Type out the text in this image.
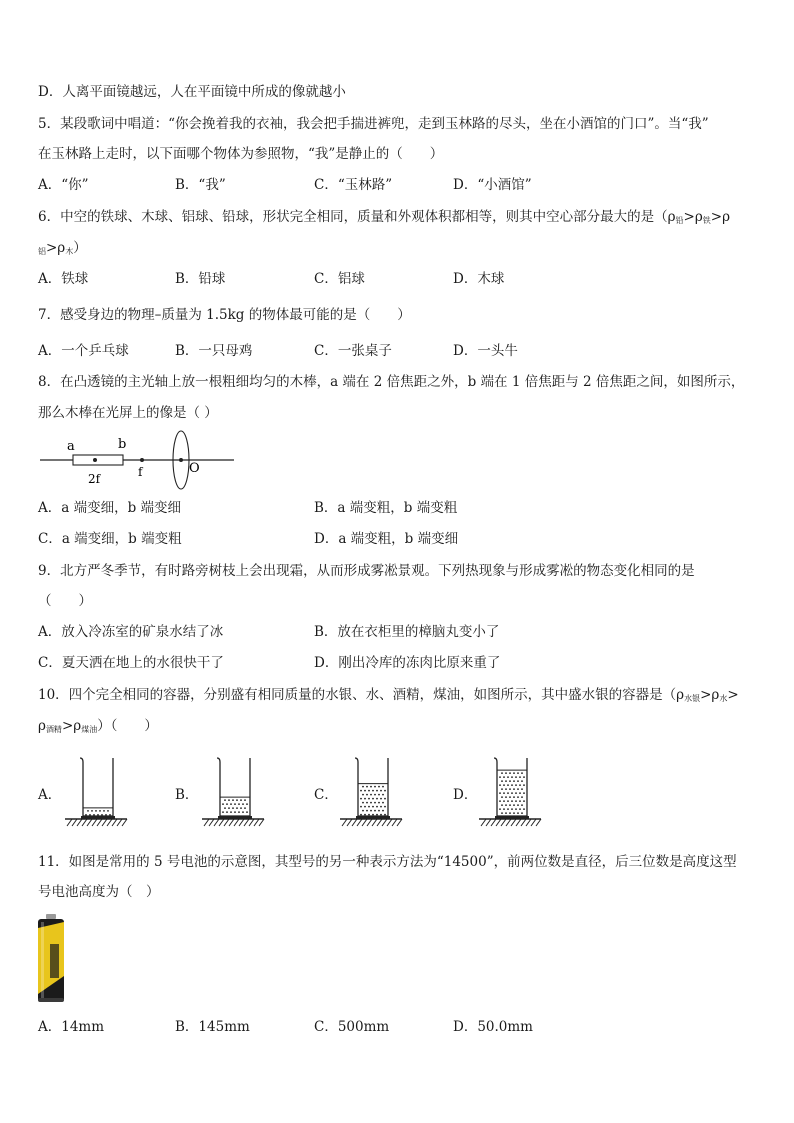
D．人离平面镜越远，人在平面镜中所成的像就越小
5．某段歌词中唱道：“你会挽着我的衣袖，我会把手揣进裤兜，走到玉林路的尽头，坐在小酒馆的门口”。当“我”
在玉林路上走时，以下面哪个物体为参照物，“我”是静止的（　　）
A．“你”	B．“我”	C．“玉林路”	D．“小酒馆”
6．中空的铁球、木球、铝球、铅球，形状完全相同，质量和外观体积都相等，则其中空心部分最大的是（$\rho_铅>\rho_铁>\rho$
$_铝>\rho_木$）
A．铁球	B．铅球	C．铝球	D．木球
7．感受身边的物理–质量为 1.5kg 的物体最可能的是（　　）
A．一个乒乓球	B．一只母鸡	C．一张桌子	D．一头牛
8．在凸透镜的主光轴上放一根粗细均匀的木棒，a 端在 2 倍焦距之外，b 端在 1 倍焦距与 2 倍焦距之间，如图所示，
那么木棒在光屏上的像是（ ）
a	b
2f	f	O
A．a 端变细，b 端变细	B．a 端变粗，b 端变粗
C．a 端变细，b 端变粗	D．a 端变粗，b 端变细
9．北方严冬季节，有时路旁树枝上会出现霜，从而形成雾凇景观。下列热现象与形成雾凇的物态变化相同的是
（　　）
A．放入冷冻室的矿泉水结了冰	B．放在衣柜里的樟脑丸变小了
C．夏天洒在地上的水很快干了	D．刚出冷库的冻肉比原来重了
10．四个完全相同的容器，分别盛有相同质量的水银、水、酒精，煤油，如图所示，其中盛水银的容器是（$\rho_{水银}>\rho_水>$
$\rho_{酒精}>\rho_{煤油}$）（　　）
A．	B．	C．	D．
11．如图是常用的 5 号电池的示意图，其型号的另一种表示方法为“14500”，前两位数是直径，后三位数是高度这型
号电池高度为（　）
A．14mm	B．145mm	C．500mm	D．50.0mm
